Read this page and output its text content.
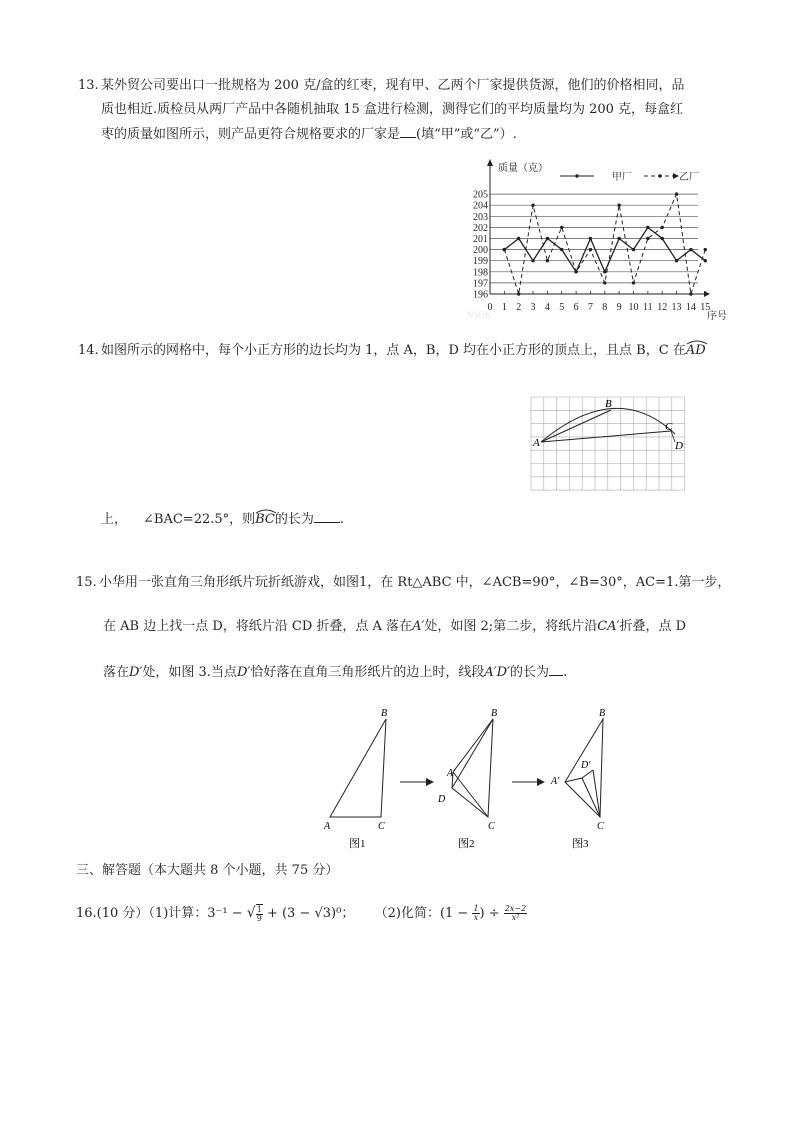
13. 某外贸公司要出口一批规格为 200 克/盒的红枣，现有甲、乙两个厂家提供货源，他们的价格相同，品
质也相近.质检员从两厂产品中各随机抽取 15 盒进行检测，测得它们的平均质量均为 200 克，每盒红
枣的质量如图所示，则产品更符合规格要求的厂家是 (填“甲”或“乙”）.
196
197
198
199
200
201
202
203
204
205
0 1 2 3 4 5 6 7 8 9 10 11 12 13 14 15
甲厂	乙厂
质量（克）
序号
NSOK
14. 如图所示的网格中，每个小正方形的边长均为 1，点 A，B，D 均在小正方形的顶点上，且点 B，C 在AD
A
B
C
D
上， ∠BAC=22.5°，则BC
的长为 .
15. 小华用一张直角三角形纸片玩折纸游戏，如图1，在 Rt△ABC 中，∠ACB=90°，∠B=30°，AC=1.第一步，
在 AB 边上找一点 D，将纸片沿 CD 折叠，点 A 落在A′处，如图 2;第二步，将纸片沿CA′折叠，点 D
落在D′处，如图 3.当点D′恰好落在直角三角形纸片的边上时，线段A′D′的长为 .
B
A	C
图1
B
A′
D
C
图2
B
D′
A′
C
图3
三、解答题（本大题共 8 个小题，共 75 分）
16.(10 分）（1)计算：3⁻¹ − √ $\frac{1}{9} + (3 - √3)^0$； （2)化简：($1 - \frac{1}{x}$ ) ÷ $\frac{2x-2}{\text{x²}}$
